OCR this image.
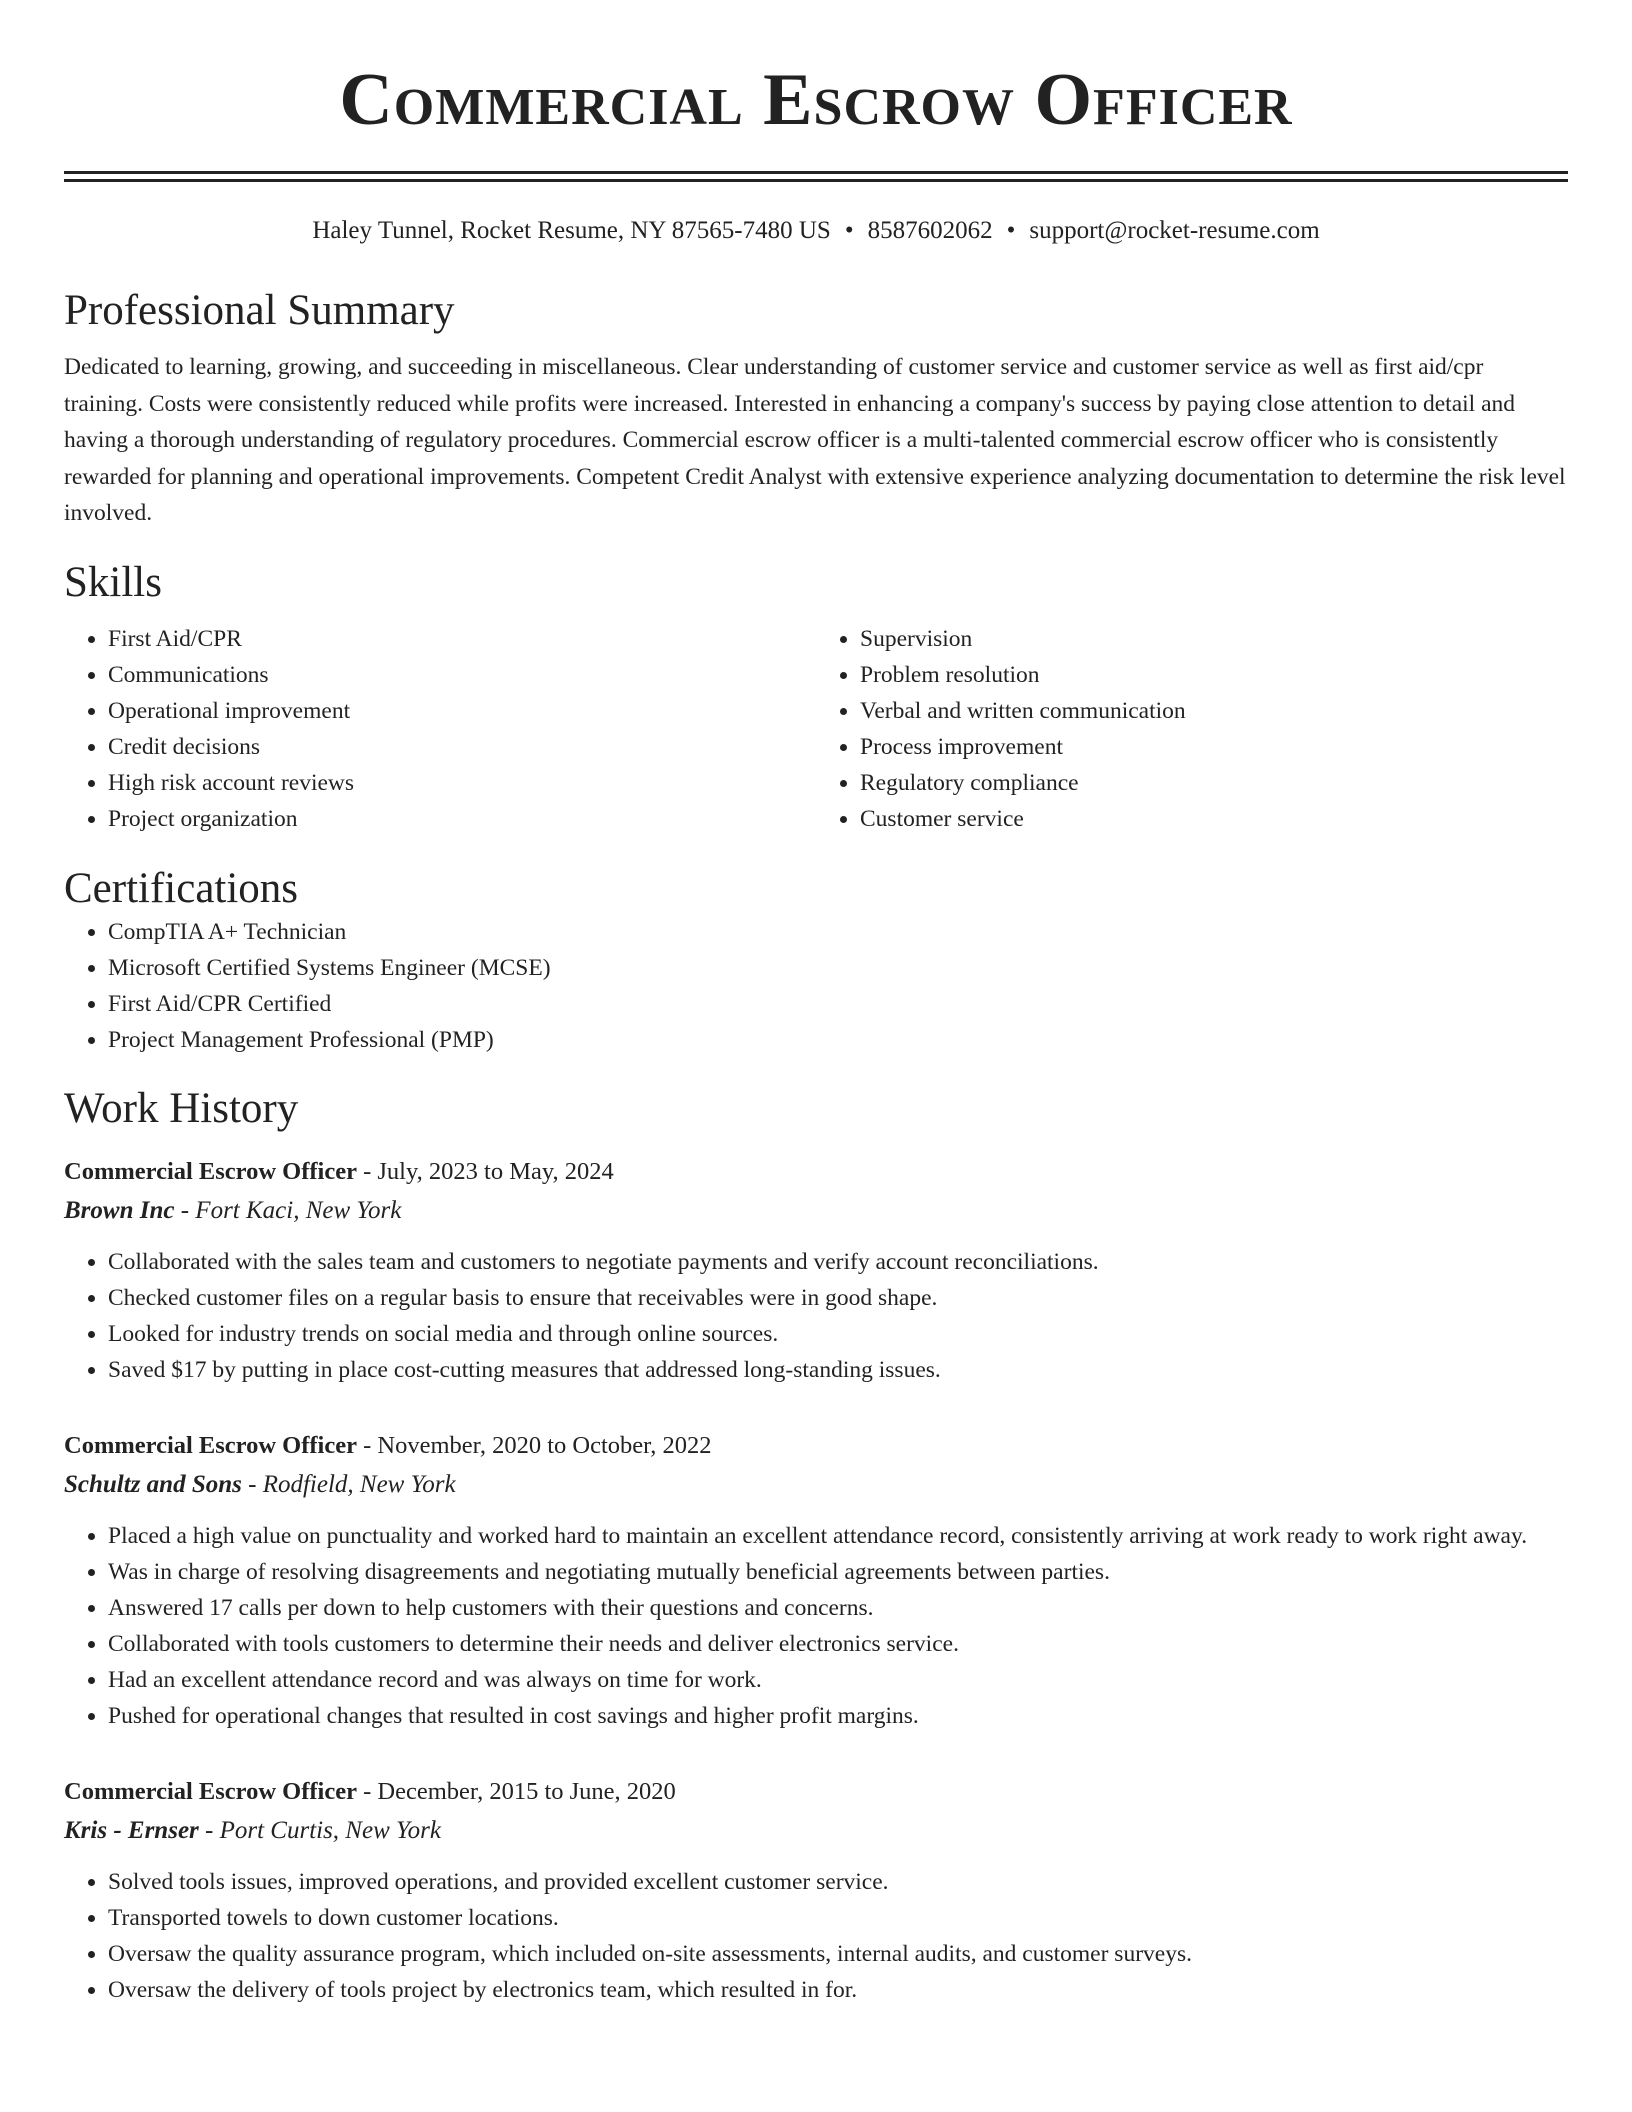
Commercial Escrow Officer
Haley Tunnel, Rocket Resume, NY 87565-7480 US • 8587602062 • support@rocket-resume.com
Professional Summary

Dedicated to learning, growing, and succeeding in miscellaneous. Clear understanding of customer service and customer service as well as first aid/cpr training. Costs were consistently reduced while profits were increased. Interested in enhancing a company's success by paying close attention to detail and having a thorough understanding of regulatory procedures. Commercial escrow officer is a multi-talented commercial escrow officer who is consistently rewarded for planning and operational improvements. Competent Credit Analyst with extensive experience analyzing documentation to determine the risk level involved.

Skills
• First Aid/CPR
• Communications
• Operational improvement
• Credit decisions
• High risk account reviews
• Project organization
• Supervision
• Problem resolution
• Verbal and written communication
• Process improvement
• Regulatory compliance
• Customer service
Certifications
• CompTIA A+ Technician
• Microsoft Certified Systems Engineer (MCSE)
• First Aid/CPR Certified
• Project Management Professional (PMP)
Work History
Commercial Escrow Officer - July, 2023 to May, 2024
Brown Inc - Fort Kaci, New York
• Collaborated with the sales team and customers to negotiate payments and verify account reconciliations.
• Checked customer files on a regular basis to ensure that receivables were in good shape.
• Looked for industry trends on social media and through online sources.
• Saved $17 by putting in place cost-cutting measures that addressed long-standing issues.
Commercial Escrow Officer - November, 2020 to October, 2022
Schultz and Sons - Rodfield, New York
• Placed a high value on punctuality and worked hard to maintain an excellent attendance record, consistently arriving at work ready to work right away.
• Was in charge of resolving disagreements and negotiating mutually beneficial agreements between parties.
• Answered 17 calls per down to help customers with their questions and concerns.
• Collaborated with tools customers to determine their needs and deliver electronics service.
• Had an excellent attendance record and was always on time for work.
• Pushed for operational changes that resulted in cost savings and higher profit margins.
Commercial Escrow Officer - December, 2015 to June, 2020
Kris - Ernser - Port Curtis, New York
• Solved tools issues, improved operations, and provided excellent customer service.
• Transported towels to down customer locations.
• Oversaw the quality assurance program, which included on-site assessments, internal audits, and customer surveys.
• Oversaw the delivery of tools project by electronics team, which resulted in for.
